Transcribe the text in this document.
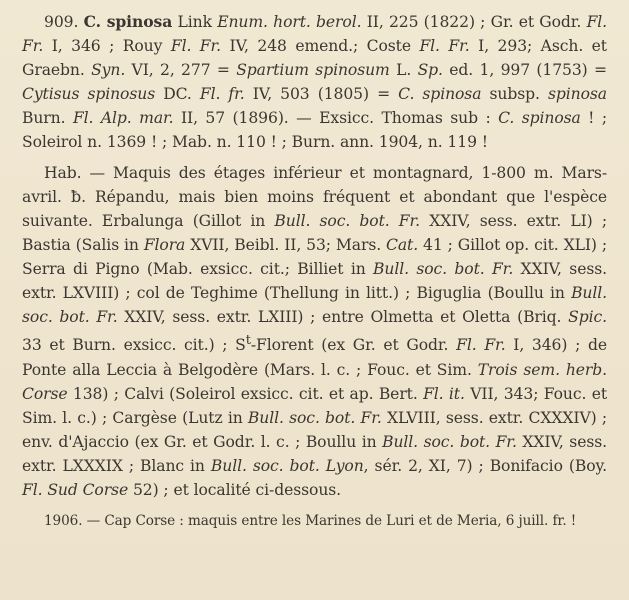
909. C. spinosa Link Enum. hort. berol. II, 225 (1822) ; Gr. et Godr. Fl. Fr. I, 346 ; Rouy Fl. Fr. IV, 248 emend.; Coste Fl. Fr. I, 293; Asch. et Graebn. Syn. VI, 2, 277 = Spartium spinosum L. Sp. ed. 1, 997 (1753) = Cytisus spinosus DC. Fl. fr. IV, 503 (1805) = C. spinosa subsp. spinosa Burn. Fl. Alp. mar. II, 57 (1896). — Exsicc. Thomas sub : C. spinosa ! ; Soleirol n. 1369 ! ; Mab. n. 110 ! ; Burn. ann. 1904, n. 119 !

Hab. — Maquis des étages inférieur et montagnard, 1-800 m. Mars-avril. ƀ. Répandu, mais bien moins fréquent et abondant que l'espèce suivante. Erbalunga (Gillot in Bull. soc. bot. Fr. XXIV, sess. extr. LI) ; Bastia (Salis in Flora XVII, Beibl. II, 53; Mars. Cat. 41 ; Gillot op. cit. XLI) ; Serra di Pigno (Mab. exsicc. cit.; Billiet in Bull. soc. bot. Fr. XXIV, sess. extr. LXVIII) ; col de Teghime (Thellung in litt.) ; Biguglia (Boullu in Bull. soc. bot. Fr. XXIV, sess. extr. LXIII) ; entre Olmetta et Oletta (Briq. Spic. 33 et Burn. exsicc. cit.) ; $S^t$-Florent (ex Gr. et Godr. Fl. Fr. I, 346) ; de Ponte alla Leccia à Belgodère (Mars. l. c. ; Fouc. et Sim. Trois sem. herb. Corse 138) ; Calvi (Soleirol exsicc. cit. et ap. Bert. Fl. it. VII, 343; Fouc. et Sim. l. c.) ; Cargèse (Lutz in Bull. soc. bot. Fr. XLVIII, sess. extr. CXXXIV) ; env. d'Ajaccio (ex Gr. et Godr. l. c. ; Boullu in Bull. soc. bot. Fr. XXIV, sess. extr. LXXXIX ; Blanc in Bull. soc. bot. Lyon, sér. 2, XI, 7) ; Bonifacio (Boy. Fl. Sud Corse 52) ; et localité ci-dessous.

1906. — Cap Corse : maquis entre les Marines de Luri et de Meria, 6 juill. fr. !
